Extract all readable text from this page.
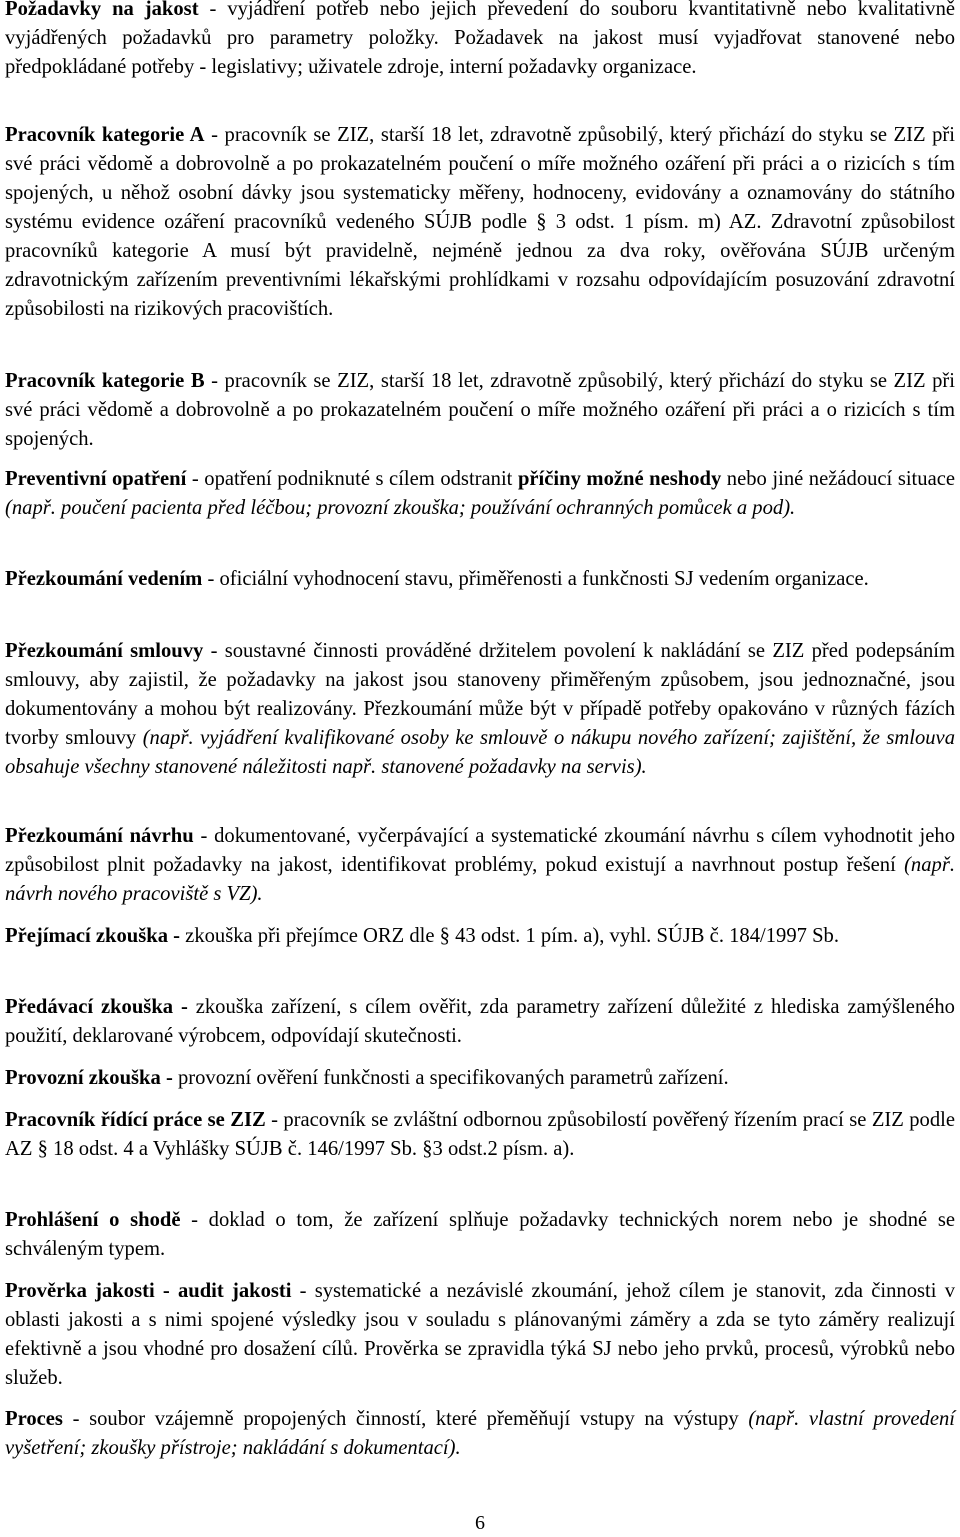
Požadavky na jakost - vyjádření potřeb nebo jejich převedení do souboru kvantitativně nebo kvalitativně vyjádřených požadavků pro parametry položky. Požadavek na jakost musí vyjadřovat stanovené nebo předpokládané potřeby - legislativy; uživatele zdroje, interní požadavky organizace.

Pracovník kategorie A - pracovník se ZIZ, starší 18 let, zdravotně způsobilý, který přichází do styku se ZIZ při své práci vědomě a dobrovolně a po prokazatelném poučení o míře možného ozáření při práci a o rizicích s tím spojených, u něhož osobní dávky jsou systematicky měřeny, hodnoceny, evidovány a oznamovány do státního systému evidence ozáření pracovníků vedeného SÚJB podle § 3 odst. 1 písm. m) AZ. Zdravotní způsobilost pracovníků kategorie A musí být pravidelně, nejméně jednou za dva roky, ověřována SÚJB určeným zdravotnickým zařízením preventivními lékařskými prohlídkami v rozsahu odpovídajícím posuzování zdravotní způsobilosti na rizikových pracovištích.

Pracovník kategorie B - pracovník se ZIZ, starší 18 let, zdravotně způsobilý, který přichází do styku se ZIZ při své práci vědomě a dobrovolně a po prokazatelném poučení o míře možného ozáření při práci a o rizicích s tím spojených.

Preventivní opatření - opatření podniknuté s cílem odstranit příčiny možné neshody nebo jiné nežádoucí situace (např. poučení pacienta před léčbou; provozní zkouška; používání ochranných pomůcek a pod).

Přezkoumání vedením - oficiální vyhodnocení stavu, přiměřenosti a funkčnosti SJ vedením organizace.

Přezkoumání smlouvy - soustavné činnosti prováděné držitelem povolení k nakládání se ZIZ před podepsáním smlouvy, aby zajistil, že požadavky na jakost jsou stanoveny přiměřeným způsobem, jsou jednoznačné, jsou dokumentovány a mohou být realizovány. Přezkoumání může být v případě potřeby opakováno v různých fázích tvorby smlouvy (např. vyjádření kvalifikované osoby ke smlouvě o nákupu nového zařízení; zajištění, že smlouva obsahuje všechny stanovené náležitosti např. stanovené požadavky na servis).

Přezkoumání návrhu - dokumentované, vyčerpávající a systematické zkoumání návrhu s cílem vyhodnotit jeho způsobilost plnit požadavky na jakost, identifikovat problémy, pokud existují a navrhnout postup řešení (např. návrh nového pracoviště s VZ).

Přejímací zkouška - zkouška při přejímce ORZ dle § 43 odst. 1 pím. a), vyhl. SÚJB č. 184/1997 Sb.

Předávací zkouška - zkouška zařízení, s cílem ověřit, zda parametry zařízení důležité z hlediska zamýšleného použití, deklarované výrobcem, odpovídají skutečnosti.

Provozní zkouška - provozní ověření funkčnosti a specifikovaných parametrů zařízení.

Pracovník řídící práce se ZIZ - pracovník se zvláštní odbornou způsobilostí pověřený řízením prací se ZIZ podle AZ § 18 odst. 4 a Vyhlášky SÚJB č. 146/1997 Sb. §3 odst.2 písm. a).

Prohlášení o shodě - doklad o tom, že zařízení splňuje požadavky technických norem nebo je shodné se schváleným typem.

Prověrka jakosti - audit jakosti - systematické a nezávislé zkoumání, jehož cílem je stanovit, zda činnosti v oblasti jakosti a s nimi spojené výsledky jsou v souladu s plánovanými záměry a zda se tyto záměry realizují efektivně a jsou vhodné pro dosažení cílů. Prověrka se zpravidla týká SJ nebo jeho prvků, procesů, výrobků nebo služeb.

Proces - soubor vzájemně propojených činností, které přeměňují vstupy na výstupy (např. vlastní provedení vyšetření; zkoušky přístroje; nakládání s dokumentací).

6
